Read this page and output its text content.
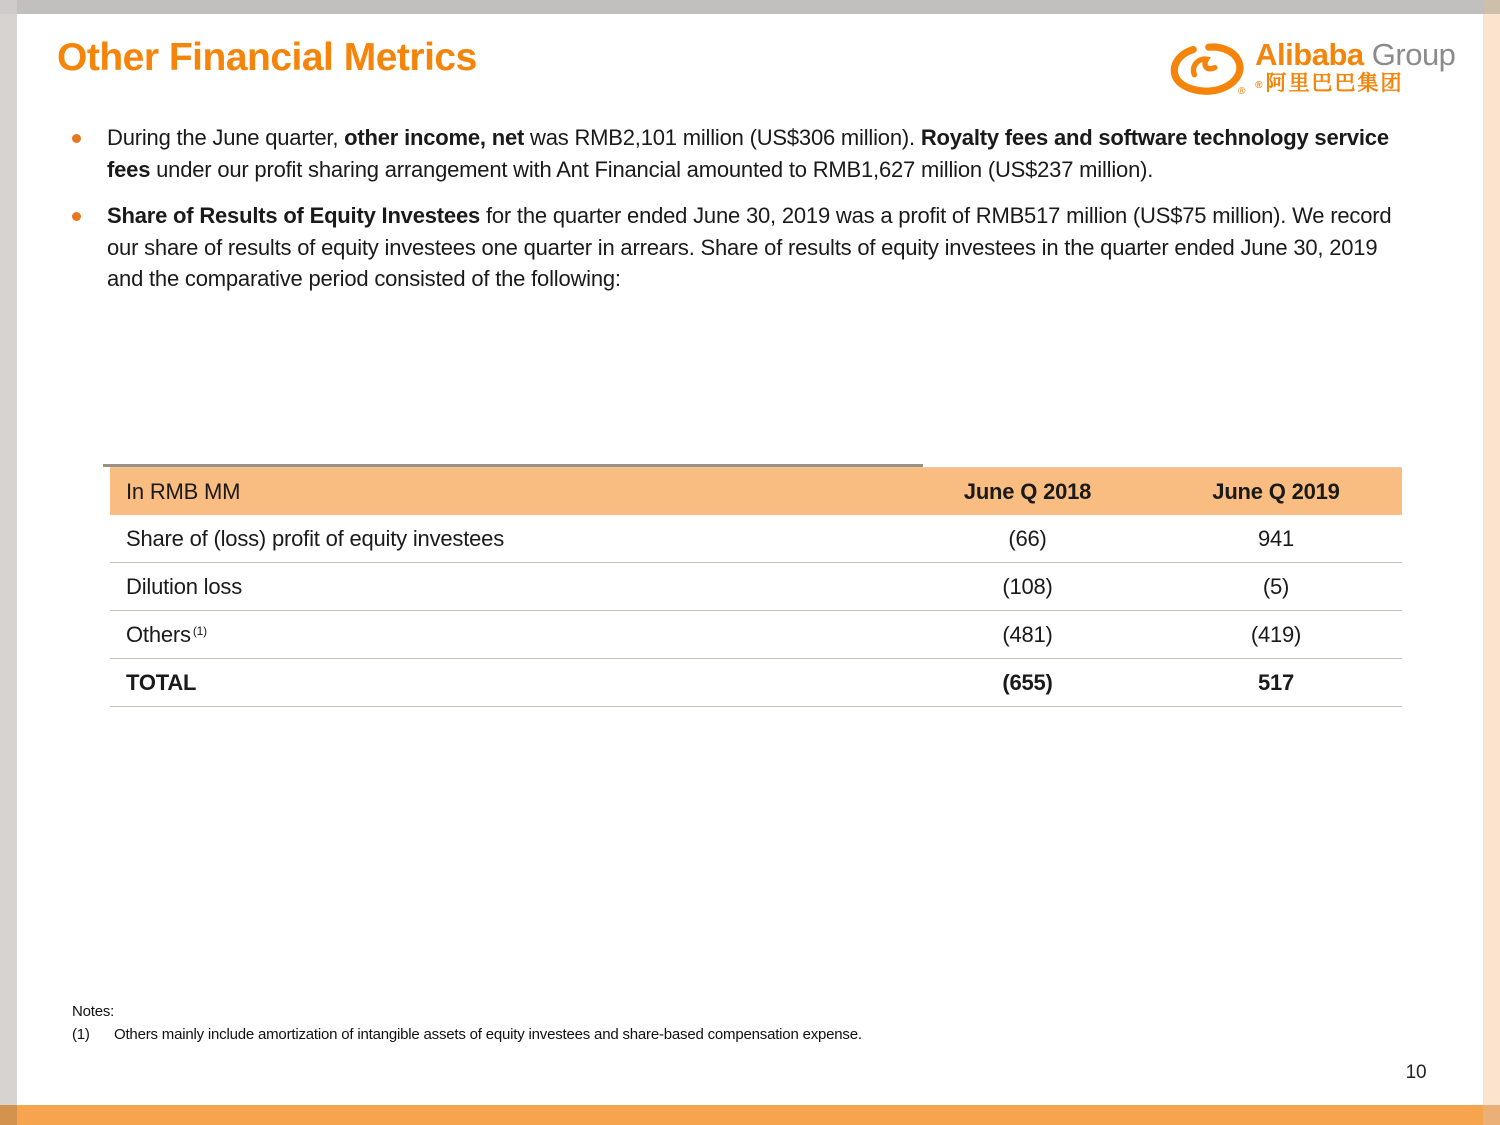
Other Financial Metrics
®
Alibaba Group
® 阿里巴巴集团
During the June quarter, other income, net was RMB2,101 million (US$306 million). Royalty fees and software technology service fees under our profit sharing arrangement with Ant Financial amounted to RMB1,627 million (US$237 million).
Share of Results of Equity Investees for the quarter ended June 30, 2019 was a profit of RMB517 million (US$75 million). We record our share of results of equity investees one quarter in arrears. Share of results of equity investees in the quarter ended June 30, 2019 and the comparative period consisted of the following:
In RMB MM	June Q 2018	June Q 2019
Share of (loss) profit of equity investees	(66)	941
Dilution loss	(108)	(5)
Others $^{(1)}$	(481)	(419)
TOTAL	(655)	517
Notes:
(1)	Others mainly include amortization of intangible assets of equity investees and share-based compensation expense.
10
